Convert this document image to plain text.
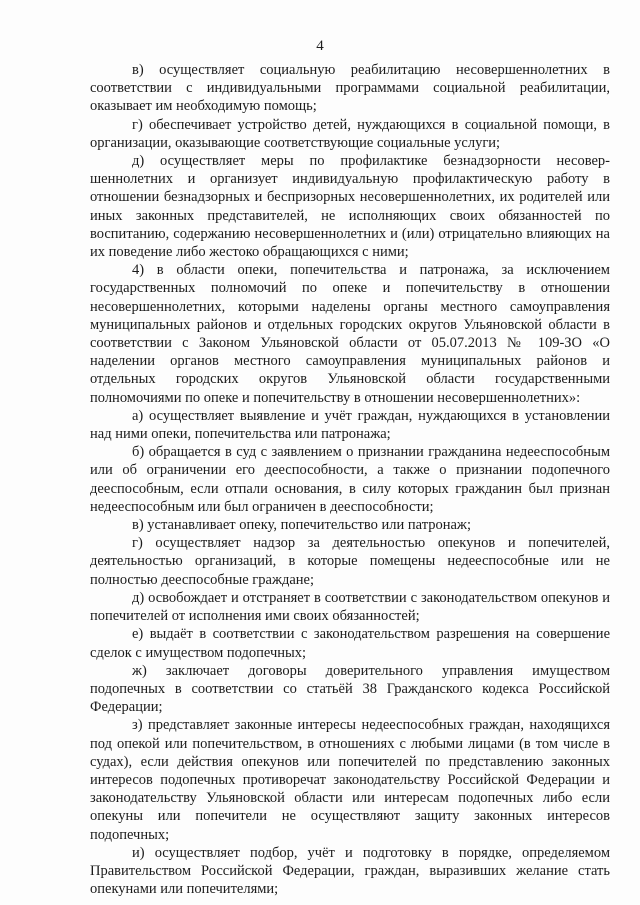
4

в) осуществляет социальную реабилитацию несовершеннолетних в соответствии с индивидуальными программами социальной реабилитации, оказывает им необходимую помощь;

г) обеспечивает устройство детей, нуждающихся в социальной помощи, в организации, оказывающие соответствующие социальные услуги;

д) осуществляет меры по профилактике безнадзорности несовершеннолетних и организует индивидуальную профилактическую работу в отношении безнадзорных и беспризорных несовершеннолетних, их родителей или иных законных представителей, не исполняющих своих обязанностей по воспитанию, содержанию несовершеннолетних и (или) отрицательно влияющих на их поведение либо жестоко обращающихся с ними;

4) в области опеки, попечительства и патронажа, за исключением государственных полномочий по опеке и попечительству в отношении несовершеннолетних, которыми наделены органы местного самоуправления муниципальных районов и отдельных городских округов Ульяновской области в соответствии с Законом Ульяновской области от 05.07.2013 № 109-ЗО «О наделении органов местного самоуправления муниципальных районов и отдельных городских округов Ульяновской области государственными полномочиями по опеке и попечительству в отношении несовершеннолетних»:

а) осуществляет выявление и учёт граждан, нуждающихся в установлении над ними опеки, попечительства или патронажа;

б) обращается в суд с заявлением о признании гражданина недееспособным или об ограничении его дееспособности, а также о признании подопечного дееспособным, если отпали основания, в силу которых гражданин был признан недееспособным или был ограничен в дееспособности;

в) устанавливает опеку, попечительство или патронаж;

г) осуществляет надзор за деятельностью опекунов и попечителей, деятельностью организаций, в которые помещены недееспособные или не полностью дееспособные граждане;

д) освобождает и отстраняет в соответствии с законодательством опекунов и попечителей от исполнения ими своих обязанностей;

е) выдаёт в соответствии с законодательством разрешения на совершение сделок с имуществом подопечных;

ж) заключает договоры доверительного управления имуществом подопечных в соответствии со статьёй 38 Гражданского кодекса Российской Федерации;

з) представляет законные интересы недееспособных граждан, находящихся под опекой или попечительством, в отношениях с любыми лицами (в том числе в судах), если действия опекунов или попечителей по представлению законных интересов подопечных противоречат законодательству Российской Федерации и законодательству Ульяновской области или интересам подопечных либо если опекуны или попечители не осуществляют защиту законных интересов подопечных;

и) осуществляет подбор, учёт и подготовку в порядке, определяемом Правительством Российской Федерации, граждан, выразивших желание стать опекунами или попечителями;
